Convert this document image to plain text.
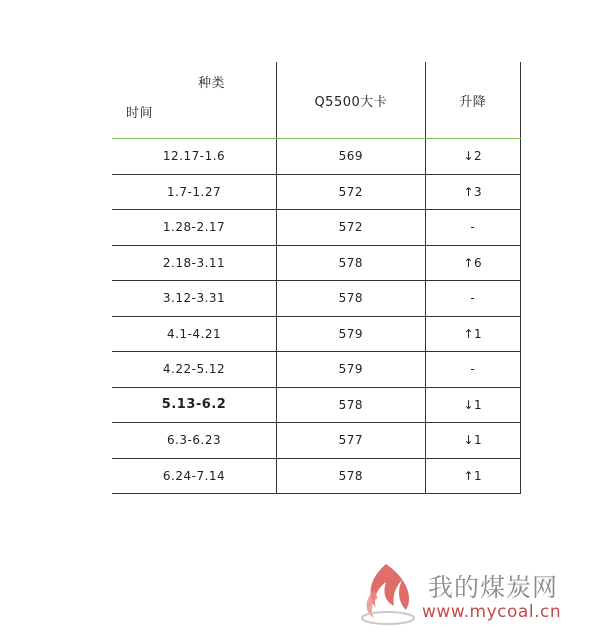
种类
时间	Q5500大卡	升降
12.17-1.6	569	↓2
1.7-1.27	572	↑3
1.28-2.17	572	-
2.18-3.11	578	↑6
3.12-3.31	578	-
4.1-4.21	579	↑1
4.22-5.12	579	-
5.13-6.2	578	↓1
6.3-6.23	577	↓1
6.24-7.14	578	↑1
我的煤炭网
www.mycoal.cn
